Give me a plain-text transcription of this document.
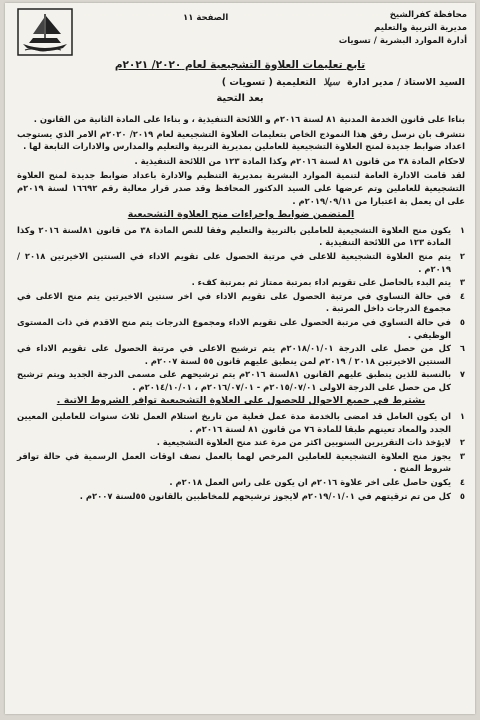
محافظة كفرالشيخ
مديرية التربية والتعليم
أدارة الموارد البشرية / تسويات
الصفحة ١١
تابع تعليمات العلاوة التشجيعية لعام ٢٠٢٠/ ٢٠٢١م
السيد الاستاذ / مدير ادارة سيلا التعليمية ( تسويات )
بعد التحية

بناءا على قانون الخدمة المدنية ٨١ لسنة ٢٠١٦م و اللائحة التنفيذية ، و بناءا على المادة الثانية من القانون .

نتشرف بان نرسل رفق هذا النموذج الخاص بتعليمات العلاوة التشجيعية لعام ٢٠١٩/ ٢٠٢٠م الامر الذي يستوجب اعداد ضوابط جديدة لمنح العلاوة التشجيعية للعاملين بمديرية التربية والتعليم والمدارس والادارات التابعة لها .

لاحكام المادة ٣٨ من قانون ٨١ لسنة ٢٠١٦م وكذا المادة ١٢٣ من اللائحة التنفيذية .

لقد قامت الادارة العامة لتنمية الموارد البشرية بمديرية التنظيم والادارة باعداد ضوابط جديدة لمنح العلاوة التشجيعية للعاملين وتم عرضها على السيد الدكتور المحافظ وقد صدر قرار معالية رقم ١٦٦٩٢ لسنة ٢٠١٩م على ان يعمل بة اعتبارا من ٢٠١٩/٠٩/١١م .

المتضمن ضوابط واجراءات منح العلاوة التشجيعية
١
يكون منح العلاوة التشجيعية للعاملين بالتربية والتعليم وفقا للنص المادة ٣٨ من قانون ٨١لسنة ٢٠١٦ وكذا المادة ١٢٣ من اللائحة التنفيذية .
٢
يتم منح العلاوة التشجيعية للاعلى في مرتبة الحصول على تقويم الاداء في السنتين الاخيرتين ٢٠١٨ / ٢٠١٩م .
٣
يتم البدء بالحاصل على تقويم اداء بمرتبة ممتاز ثم بمرتبة كفء .
٤
في حالة التساوي في مرتبة الحصول على تقويم الاداء في اخر سنتين الاخيرتين يتم منح الاعلى في مجموع الدرجات داخل المرتبة .
٥
في حالة التساوي في مرتبة الحصول على تقويم الاداء ومجموع الدرجات يتم منح الاقدم في ذات المستوى الوظيفي .
٦
كل من حصل على الدرجة ٢٠١٨/٠١/٠١م يتم ترشيح الاعلى في مرتبة الحصول على تقويم الاداء في السنتين الاخيرتين ٢٠١٨ / ٢٠١٩م لمن ينطبق عليهم قانون ٥٥ لسنة ٢٠٠٧م .
٧
بالنسبة للذين ينطبق عليهم القانون ٨١لسنة ٢٠١٦م يتم ترشيحهم على مسمى الدرجة الجديد ويتم ترشيح كل من حصل على الدرجة الاولى ٢٠١٥/٠٧/٠١م - ٢٠١٦/٠٧/٠١م ، ٢٠١٤/١٠/٠١م .
يشترط في جميع الاحوال للحصول على العلاوة التشجيعية توافر الشروط الاتية .
١
ان يكون العامل قد امضى بالخدمة مدة عمل فعلية من تاريخ استلام العمل ثلاث سنوات للعاملين المعيين الجدد والمعاد تعينهم طبقا للمادة ٧٦ من قانون ٨١ لسنة ٢٠١٦م .
٢
لايؤخذ ذات التقريرين السنويين اكثر من مرة عند منح العلاوة التشجيعية .
٣
يجوز منح العلاوة التشجيعية للعاملين المرخص لهما بالعمل نصف اوقات العمل الرسمية في حالة توافر شروط المنح .
٤
يكون حاصل على اخر علاوة ٢٠١٦م ان يكون على راس العمل ٢٠١٨م .
٥
كل من تم ترقيتهم في ٢٠١٩/٠١/٠١م لايجوز ترشيحهم للمخاطبين بالقانون ٥٥لسنة ٢٠٠٧م .
